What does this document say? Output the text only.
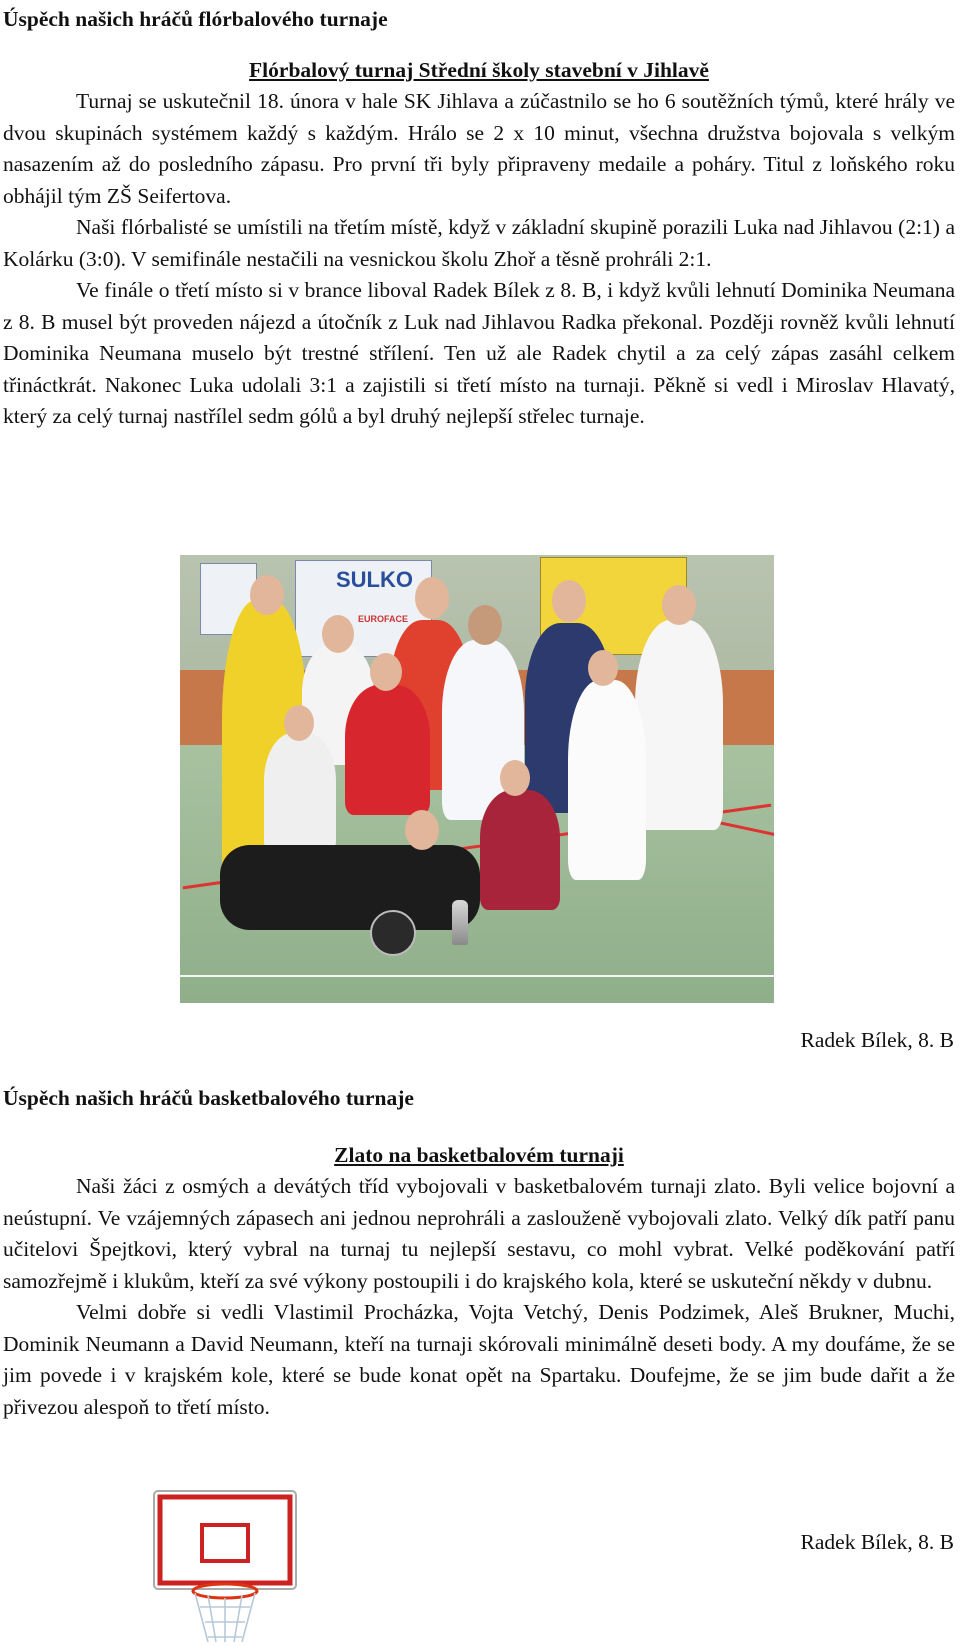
Úspěch našich hráčů flórbalového turnaje
Flórbalový turnaj Střední školy stavební v Jihlavě

Turnaj se uskutečnil 18. února v hale SK Jihlava a zúčastnilo se ho 6 soutěžních týmů, které hrály ve dvou skupinách systémem každý s každým. Hrálo se 2 x 10 minut, všechna družstva bojovala s velkým nasazením až do posledního zápasu. Pro první tři byly připraveny medaile a poháry. Titul z loňského roku obhájil tým ZŠ Seifertova.

Naši flórbalisté se umístili na třetím místě, když v základní skupině porazili Luka nad Jihlavou (2:1) a Kolárku (3:0). V semifinále nestačili na vesnickou školu Zhoř a těsně prohráli 2:1.

Ve finále o třetí místo si v brance liboval Radek Bílek z 8. B, i když kvůli lehnutí Dominika Neumana z 8. B musel být proveden nájezd a útočník z Luk nad Jihlavou Radka překonal. Později rovněž kvůli lehnutí Dominika Neumana muselo být trestné střílení. Ten už ale Radek chytil a za celý zápas zasáhl celkem třináctkrát. Nakonec Luka udolali 3:1 a zajistili si třetí místo na turnaji. Pěkně si vedl i Miroslav Hlavatý, který za celý turnaj nastřílel sedm gólů a byl druhý nejlepší střelec turnaje.

SULKO
EUROFACE
Radek Bílek, 8. B
Úspěch našich hráčů basketbalového turnaje
Zlato na basketbalovém turnaji

Naši žáci z osmých a devátých tříd vybojovali v basketbalovém turnaji zlato. Byli velice bojovní a neústupní. Ve vzájemných zápasech ani jednou neprohráli a zaslouženě vybojovali zlato. Velký dík patří panu učitelovi Špejtkovi, který vybral na turnaj tu nejlepší sestavu, co mohl vybrat. Velké poděkování patří samozřejmě i klukům, kteří za své výkony postoupili i do krajského kola, které se uskuteční někdy v dubnu.

Velmi dobře si vedli Vlastimil Procházka, Vojta Vetchý, Denis Podzimek, Aleš Brukner, Muchi, Dominik Neumann a David Neumann, kteří na turnaji skórovali minimálně deseti body. A my doufáme, že se jim povede i v krajském kole, které se bude konat opět na Spartaku. Doufejme, že se jim bude dařit a že přivezou alespoň to třetí místo.

Radek Bílek, 8. B
